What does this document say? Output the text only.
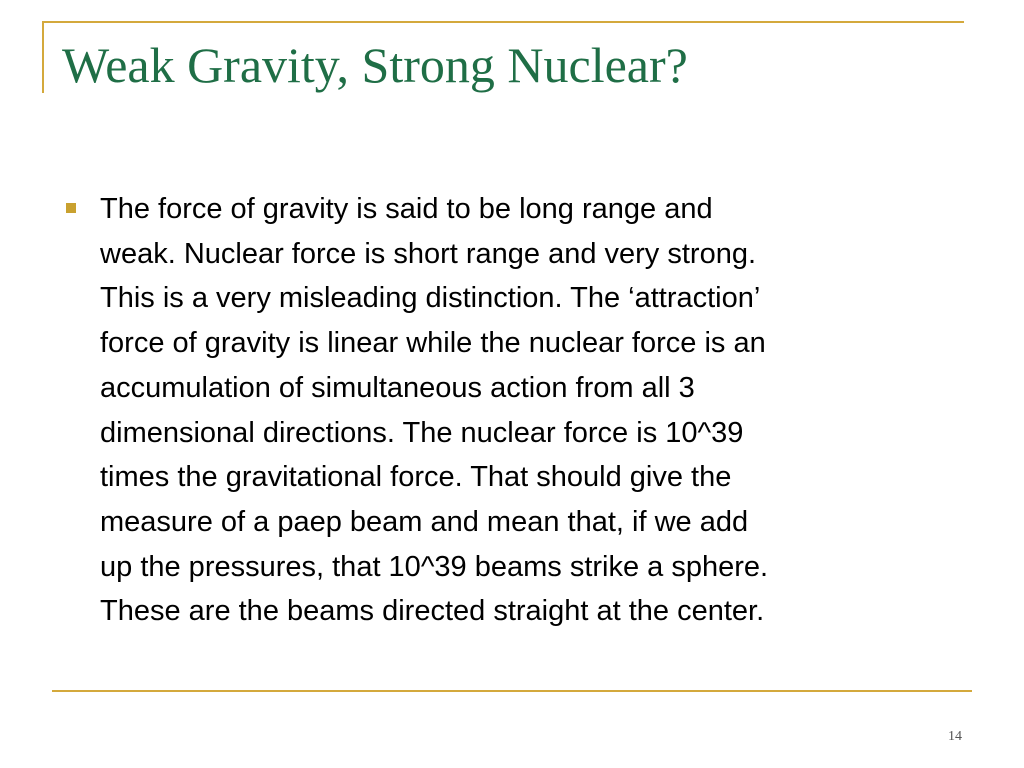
Weak Gravity, Strong Nuclear?
The force of gravity is said to be long range and
weak. Nuclear force is short range and very strong.
This is a very misleading distinction. The ‘attraction’
force of gravity is linear while the nuclear force is an
accumulation of simultaneous action from all 3
dimensional directions. The nuclear force is 10^39
times the gravitational force. That should give the
measure of a paep beam and mean that, if we add
up the pressures, that 10^39 beams strike a sphere.
These are the beams directed straight at the center.
14
